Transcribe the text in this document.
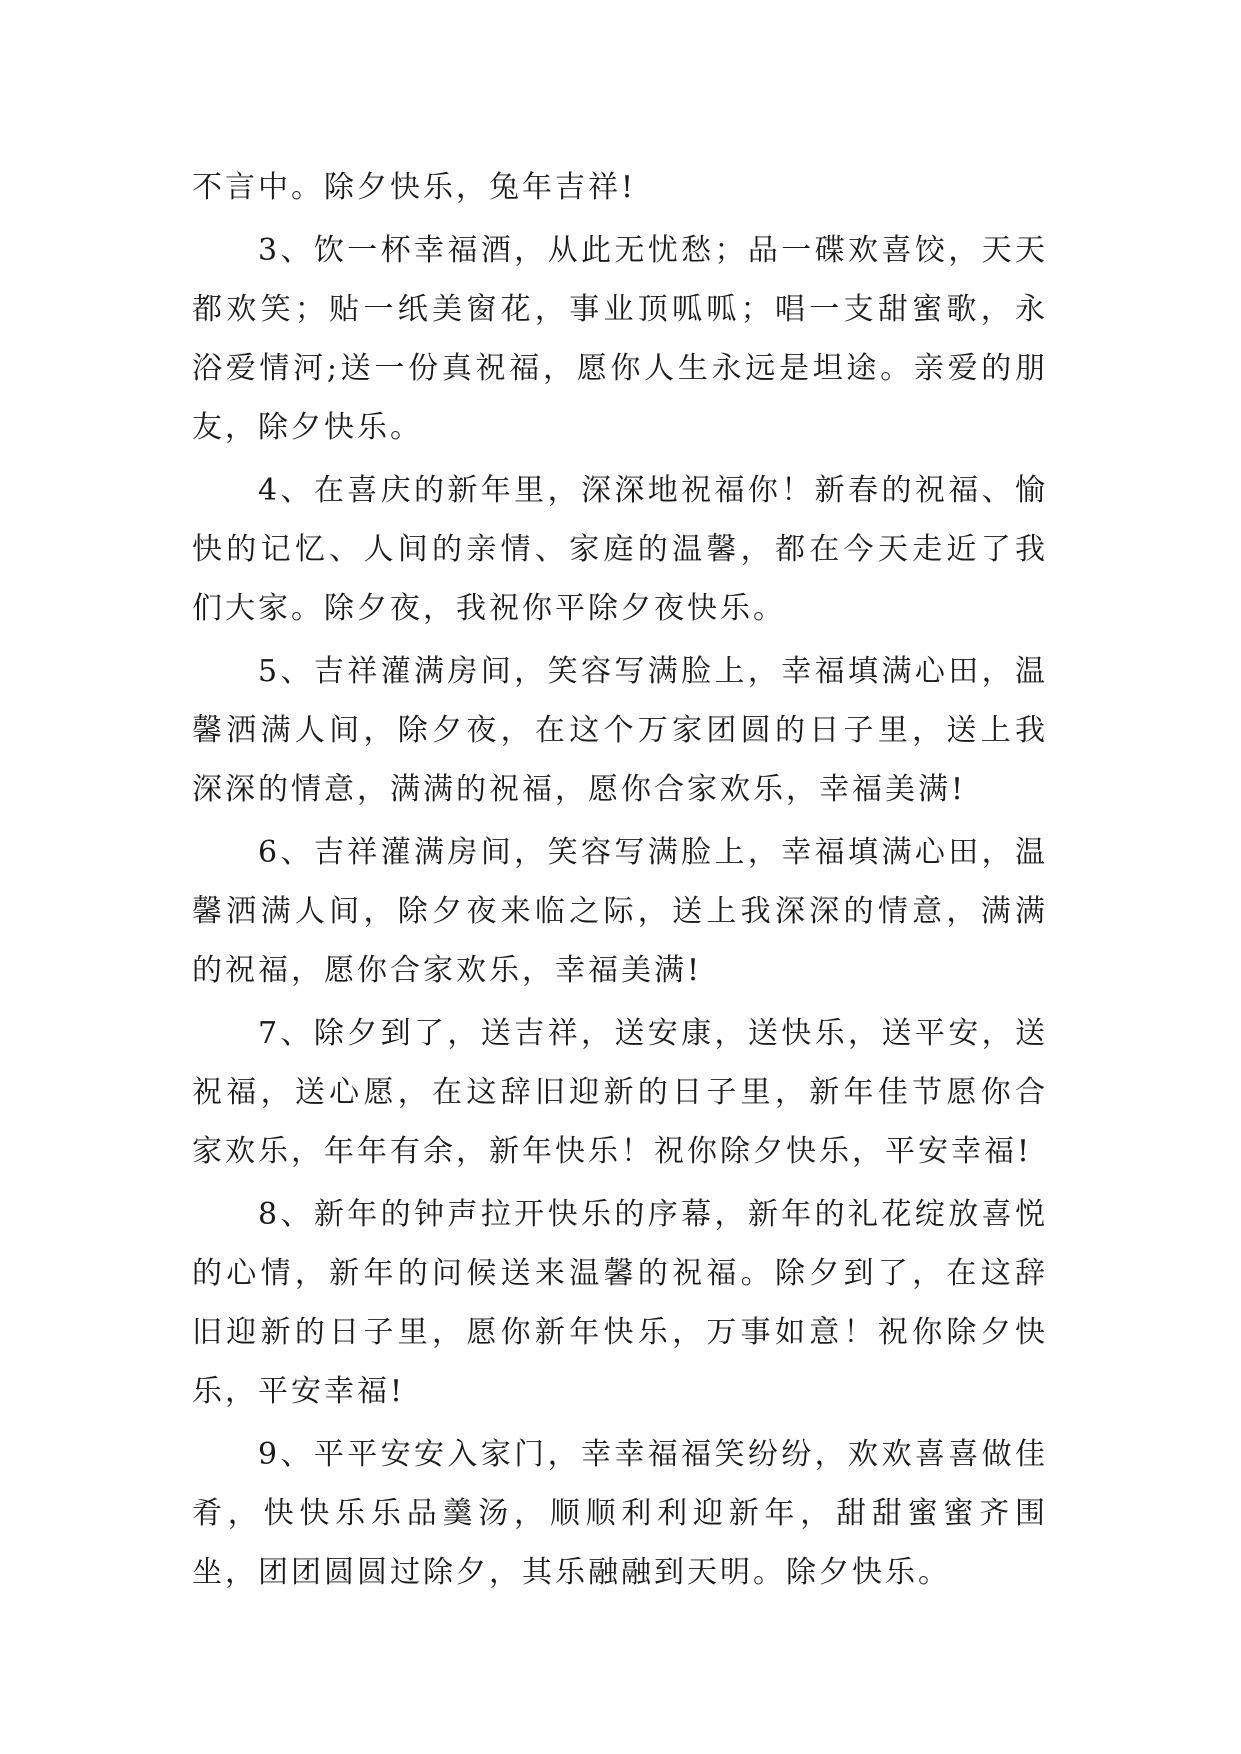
不言中。除夕快乐，兔年吉祥!

3、饮一杯幸福酒，从此无忧愁；品一碟欢喜饺，天天都欢笑；贴一纸美窗花，事业顶呱呱；唱一支甜蜜歌，永浴爱情河;送一份真祝福，愿你人生永远是坦途。亲爱的朋友，除夕快乐。

4、在喜庆的新年里，深深地祝福你！新春的祝福、愉快的记忆、人间的亲情、家庭的温馨，都在今天走近了我们大家。除夕夜，我祝你平除夕夜快乐。

5、吉祥灌满房间，笑容写满脸上，幸福填满心田，温馨洒满人间，除夕夜，在这个万家团圆的日子里，送上我深深的情意，满满的祝福，愿你合家欢乐，幸福美满!

6、吉祥灌满房间，笑容写满脸上，幸福填满心田，温馨洒满人间，除夕夜来临之际，送上我深深的情意，满满的祝福，愿你合家欢乐，幸福美满!

7、除夕到了，送吉祥，送安康，送快乐，送平安，送祝福，送心愿，在这辞旧迎新的日子里，新年佳节愿你合家欢乐，年年有余，新年快乐！祝你除夕快乐，平安幸福!

8、新年的钟声拉开快乐的序幕，新年的礼花绽放喜悦的心情，新年的问候送来温馨的祝福。除夕到了，在这辞旧迎新的日子里，愿你新年快乐，万事如意！祝你除夕快乐，平安幸福!

9、平平安安入家门，幸幸福福笑纷纷，欢欢喜喜做佳肴，快快乐乐品羹汤，顺顺利利迎新年，甜甜蜜蜜齐围坐，团团圆圆过除夕，其乐融融到天明。除夕快乐。
